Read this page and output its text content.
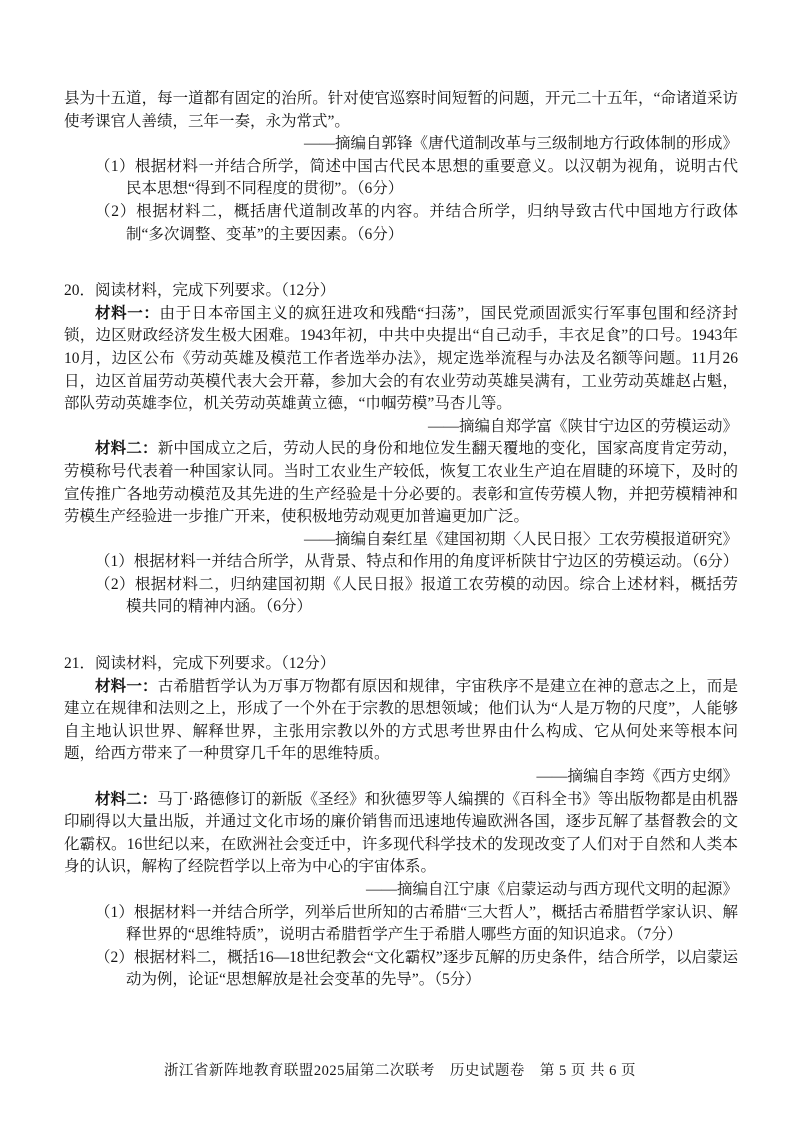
县为十五道，每一道都有固定的治所。针对使官巡察时间短暂的问题，开元二十五年，“命诸道采访使考课官人善绩，三年一奏，永为常式”。

——摘编自郭锋《唐代道制改革与三级制地方行政体制的形成》

（1）根据材料一并结合所学，简述中国古代民本思想的重要意义。以汉朝为视角，说明古代民本思想“得到不同程度的贯彻”。（6分）

（2）根据材料二，概括唐代道制改革的内容。并结合所学，归纳导致古代中国地方行政体制“多次调整、变革”的主要因素。（6分）

20．阅读材料，完成下列要求。（12分）

材料一：由于日本帝国主义的疯狂进攻和残酷“扫荡”，国民党顽固派实行军事包围和经济封锁，边区财政经济发生极大困难。1943年初，中共中央提出“自己动手，丰衣足食”的口号。1943年10月，边区公布《劳动英雄及模范工作者选举办法》，规定选举流程与办法及名额等问题。11月26日，边区首届劳动英模代表大会开幕，参加大会的有农业劳动英雄吴满有，工业劳动英雄赵占魁，部队劳动英雄李位，机关劳动英雄黄立德，“巾帼劳模”马杏儿等。

——摘编自郑学富《陕甘宁边区的劳模运动》

材料二：新中国成立之后，劳动人民的身份和地位发生翻天覆地的变化，国家高度肯定劳动，劳模称号代表着一种国家认同。当时工农业生产较低，恢复工农业生产迫在眉睫的环境下，及时的宣传推广各地劳动模范及其先进的生产经验是十分必要的。表彰和宣传劳模人物，并把劳模精神和劳模生产经验进一步推广开来，使积极地劳动观更加普遍更加广泛。

——摘编自秦红星《建国初期〈人民日报〉工农劳模报道研究》

（1）根据材料一并结合所学，从背景、特点和作用的角度评析陕甘宁边区的劳模运动。（6分）

（2）根据材料二，归纳建国初期《人民日报》报道工农劳模的动因。综合上述材料，概括劳模共同的精神内涵。（6分）

21．阅读材料，完成下列要求。（12分）

材料一：古希腊哲学认为万事万物都有原因和规律，宇宙秩序不是建立在神的意志之上，而是建立在规律和法则之上，形成了一个外在于宗教的思想领域；他们认为“人是万物的尺度”，人能够自主地认识世界、解释世界，主张用宗教以外的方式思考世界由什么构成、它从何处来等根本问题，给西方带来了一种贯穿几千年的思维特质。

——摘编自李筠《西方史纲》

材料二：马丁·路德修订的新版《圣经》和狄德罗等人编撰的《百科全书》等出版物都是由机器印刷得以大量出版，并通过文化市场的廉价销售而迅速地传遍欧洲各国，逐步瓦解了基督教会的文化霸权。16世纪以来，在欧洲社会变迁中，许多现代科学技术的发现改变了人们对于自然和人类本身的认识，解构了经院哲学以上帝为中心的宇宙体系。

——摘编自江宁康《启蒙运动与西方现代文明的起源》

（1）根据材料一并结合所学，列举后世所知的古希腊“三大哲人”，概括古希腊哲学家认识、解释世界的“思维特质”，说明古希腊哲学产生于希腊人哪些方面的知识追求。（7分）

（2）根据材料二，概括16—18世纪教会“文化霸权”逐步瓦解的历史条件，结合所学，以启蒙运动为例，论证“思想解放是社会变革的先导”。（5分）

浙江省新阵地教育联盟2025届第二次联考　历史试题卷　第 5 页 共 6 页
